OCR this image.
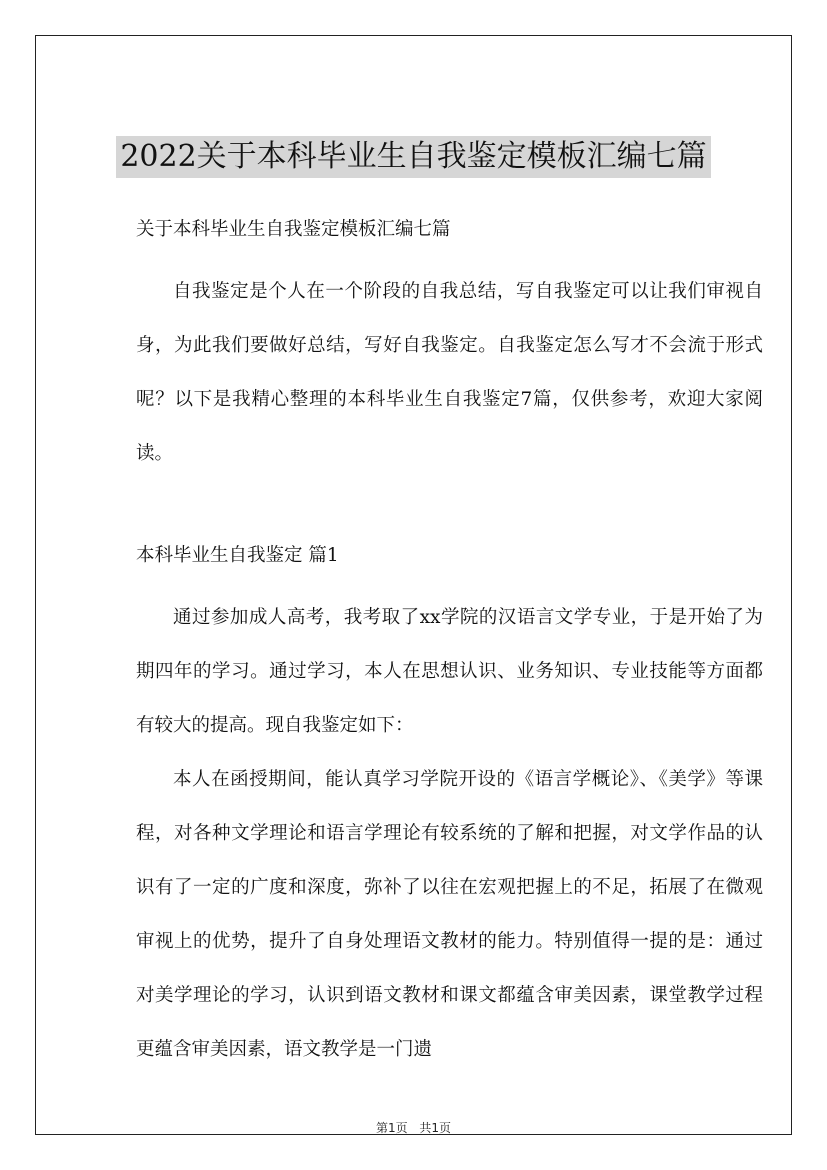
2022关于本科毕业生自我鉴定模板汇编七篇

关于本科毕业生自我鉴定模板汇编七篇

自我鉴定是个人在一个阶段的自我总结，写自我鉴定可以让我们审视自身，为此我们要做好总结，写好自我鉴定。自我鉴定怎么写才不会流于形式呢？以下是我精心整理的本科毕业生自我鉴定7篇，仅供参考，欢迎大家阅读。

本科毕业生自我鉴定 篇1

通过参加成人高考，我考取了xx学院的汉语言文学专业，于是开始了为期四年的学习。通过学习，本人在思想认识、业务知识、专业技能等方面都有较大的提高。现自我鉴定如下：

本人在函授期间，能认真学习学院开设的《语言学概论》、《美学》等课程，对各种文学理论和语言学理论有较系统的了解和把握，对文学作品的认识有了一定的广度和深度，弥补了以往在宏观把握上的不足，拓展了在微观审视上的优势，提升了自身处理语文教材的能力。特别值得一提的是：通过对美学理论的学习，认识到语文教材和课文都蕴含审美因素，课堂教学过程更蕴含审美因素，语文教学是一门遗

第1页 共1页
